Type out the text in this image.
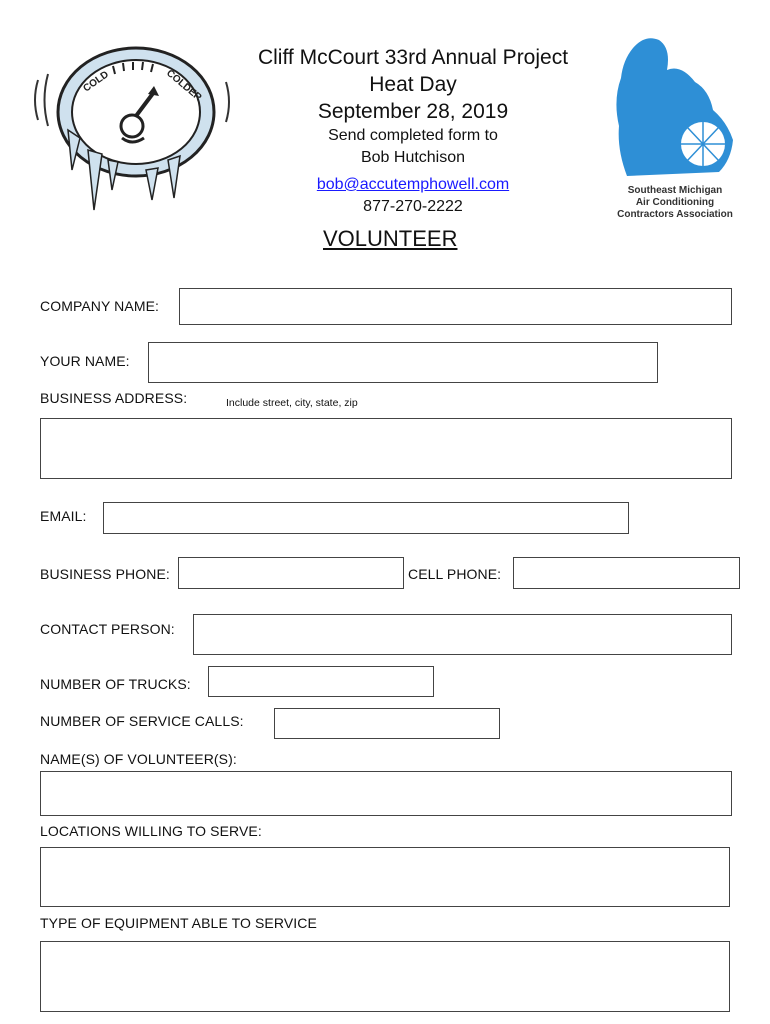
COLD	COLDER
Cliff McCourt 33rd Annual Project
Heat Day
September 28, 2019
Send completed form to
Bob Hutchison
bob@accutemphowell.com
877-270-2222
Southeast Michigan
Air Conditioning
Contractors Association
VOLUNTEER
COMPANY NAME:
YOUR NAME:
BUSINESS ADDRESS:	Include street, city, state, zip
EMAIL:
BUSINESS PHONE:	CELL PHONE:
CONTACT PERSON:
NUMBER OF TRUCKS:
NUMBER OF SERVICE CALLS:
NAME(S) OF VOLUNTEER(S):
LOCATIONS WILLING TO SERVE:
TYPE OF EQUIPMENT ABLE TO SERVICE
